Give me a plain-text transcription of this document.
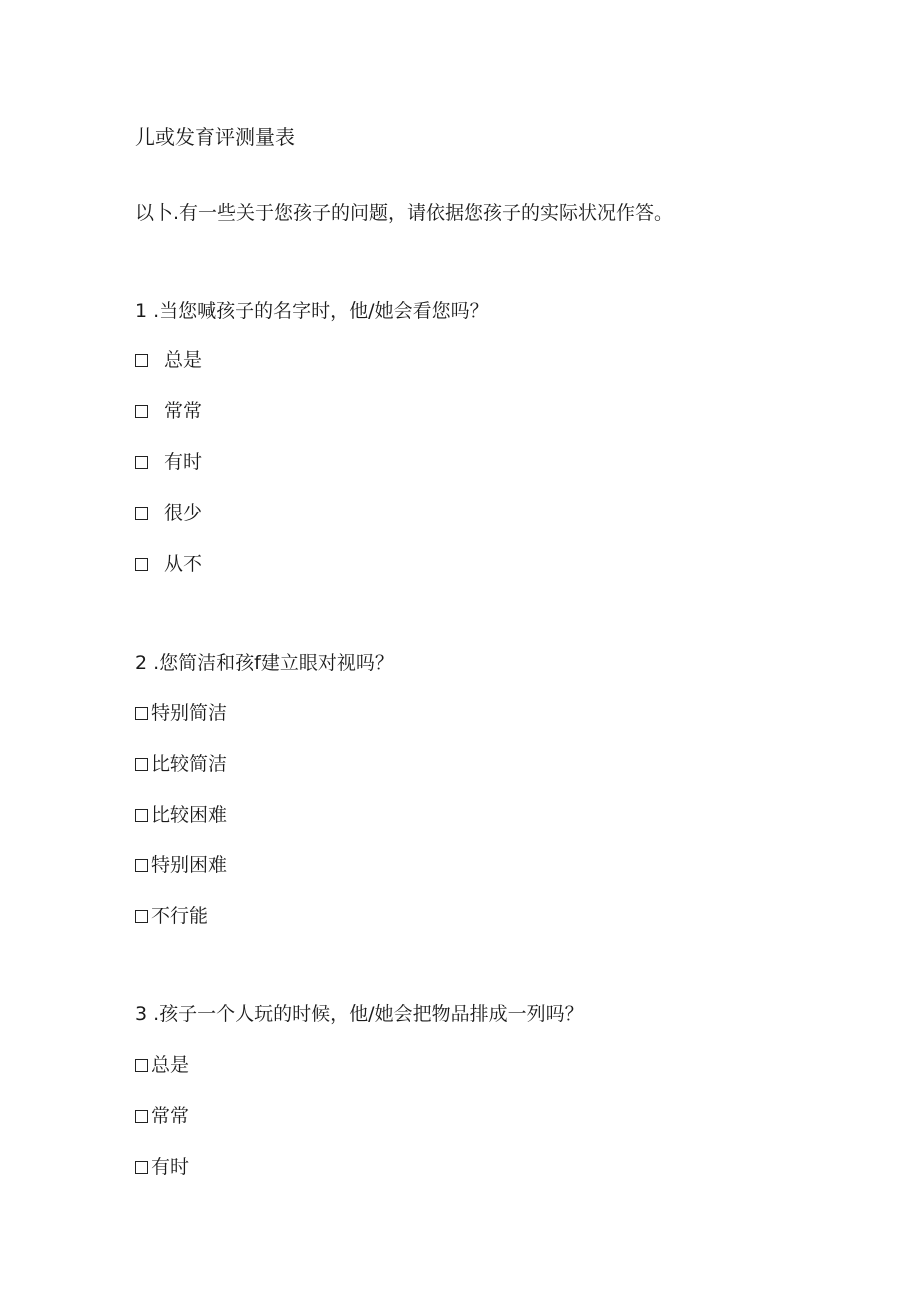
儿或发育评测量表
以卜.有一些关于您孩子的问题，请依据您孩子的实际状况作答。
1 .当您喊孩子的名字时，他/她会看您吗？
总是
常常
有时
很少
从不
2 .您简洁和孩f建立眼对视吗？
特别简洁
比较简洁
比较困难
特别困难
不行能
3 .孩子一个人玩的时候，他/她会把物品排成一列吗？
总是
常常
有时
